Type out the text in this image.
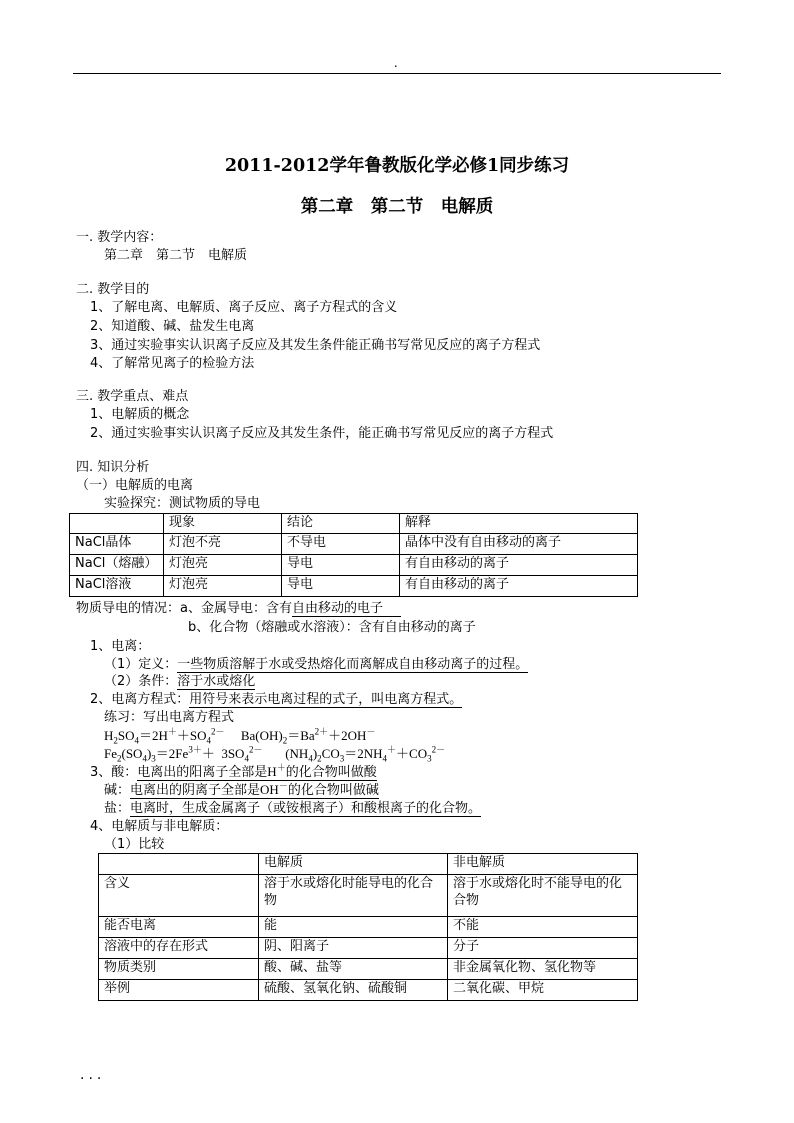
.
2011-2012学年鲁教版化学必修1同步练习
第二章　第二节　电解质
一. 教学内容：
第二章　第二节　电解质
二. 教学目的
1、了解电离、电解质、离子反应、离子方程式的含义
2、知道酸、碱、盐发生电离
3、通过实验事实认识离子反应及其发生条件能正确书写常见反应的离子方程式
4、了解常见离子的检验方法
三. 教学重点、难点
1、电解质的概念
2、通过实验事实认识离子反应及其发生条件，能正确书写常见反应的离子方程式
四. 知识分析
（一）电解质的电离
实验探究：测试物质的导电
	现象	结论	解释
NaCl晶体	灯泡不亮	不导电	晶体中没有自由移动的离子
NaCl（熔融）	灯泡亮	导电	有自由移动的离子
NaCl溶液	灯泡亮	导电	有自由移动的离子
物质导电的情况：a、金属导电：含有自由移动的电子
b、化合物（熔融或水溶液）：含有自由移动的离子
1、电离：
（1）定义：一些物质溶解于水或受热熔化而离解成自由移动离子的过程。
（2）条件：溶于水或熔化
2、电离方程式：用符号来表示电离过程的式子，叫电离方程式。
练习：写出电离方程式
$H_2SO_4=2H^++SO_4^{2-}$     $Ba(OH)_2=Ba^{2+}+2OH^-$
$Fe_2(SO_4)_3=2Fe^{3+}+ 3SO_4^{2-}$       $(NH_4)_2CO_3=2NH_4^++CO_3^{2-}$
3、酸：电离出的阳离子全部是H＋的化合物叫做酸
碱：电离出的阴离子全部是OH－的化合物叫做碱
盐：电离时，生成金属离子（或铵根离子）和酸根离子的化合物。
4、电解质与非电解质：
（1）比较
	电解质	非电解质
含义	溶于水或熔化时能导电的化合物	溶于水或熔化时不能导电的化合物
能否电离	能	不能
溶液中的存在形式	阴、阳离子	分子
物质类别	酸、碱、盐等	非金属氧化物、氢化物等
举例	硫酸、氢氧化钠、硫酸铜	二氧化碳、甲烷
...
